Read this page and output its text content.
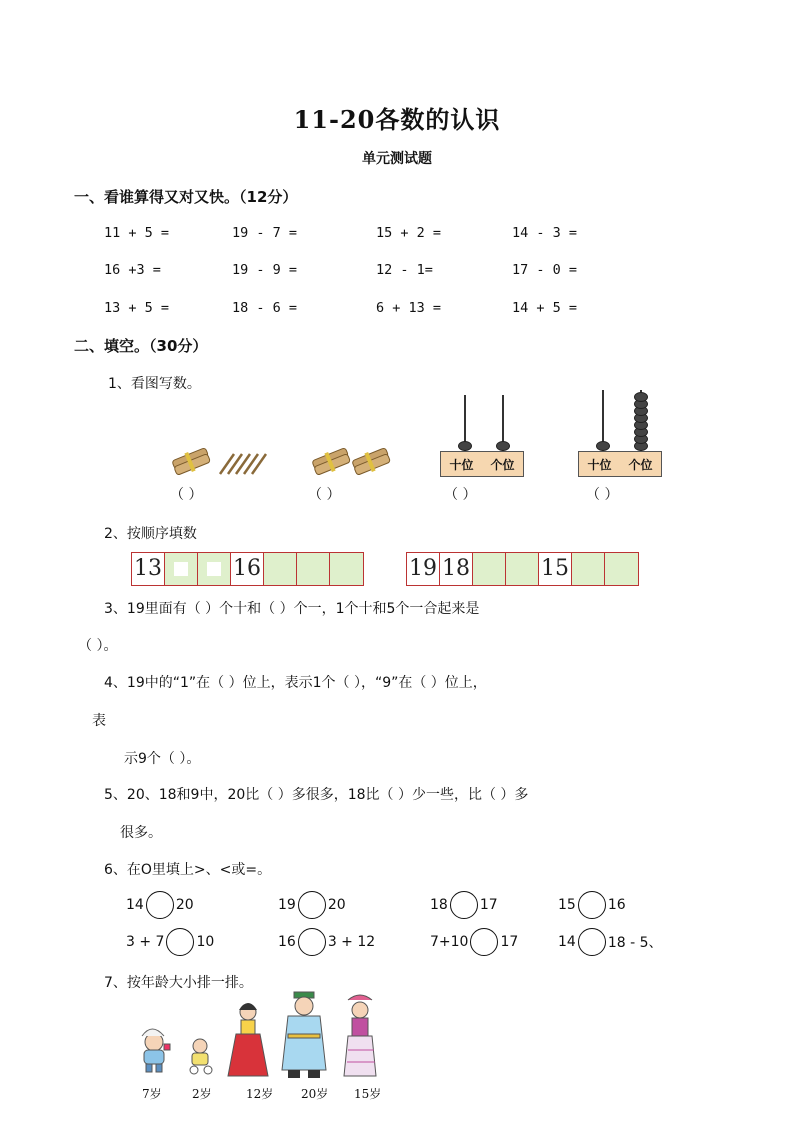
11-20各数的认识
单元测试题
一、看谁算得又对又快。（12分）
11 + 5 =	19 - 7 =	15 + 2 =	14 - 3 =
16 +3 =	19 - 9 =	12 - 1=	17 - 0 =
13 + 5 =	18 - 6 =	6 + 13 =	14 + 5 =
二、填空。（30分）
1、看图写数。
（ ）	（ ）
十位 个位
（ ）
十位 个位
（ ）
2、按顺序填数
13	16	19 18	15
3、19里面有（ ）个十和（ ）个一，1个十和5个一合起来是
（ ）。
4、19中的“1”在（ ）位上，表示1个（ ），“9”在（ ）位上，
表
示9个（ ）。
5、20、18和9中，20比（ ）多很多，18比（ ）少一些，比（ ）多
很多。
6、在O里填上>、<或=。
14 20	19 20	18 17	15 16
3 + 7 10	16 3 + 12	7+10 17	14 18 - 5、
7、按年龄大小排一排。
7岁	2岁	12岁 20岁 15岁
